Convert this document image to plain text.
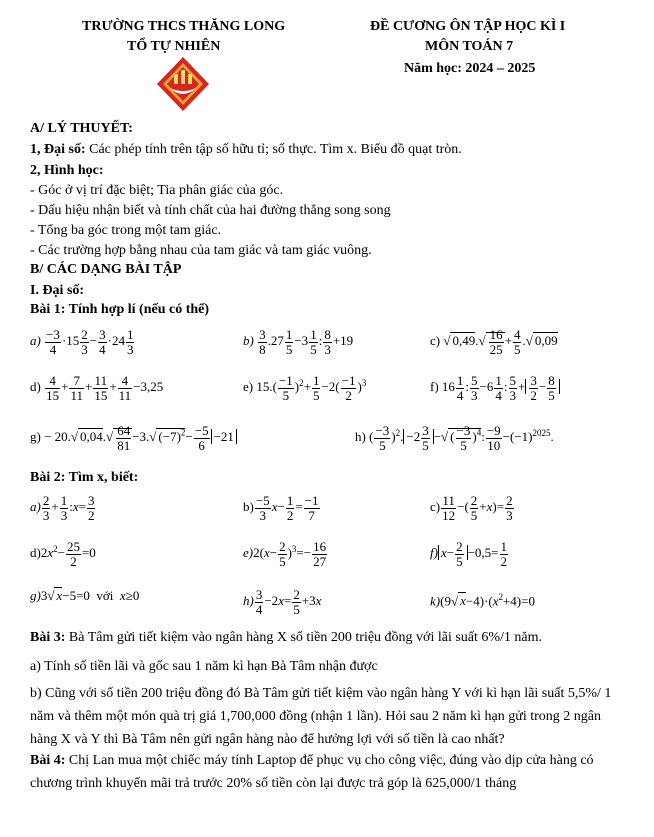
TRƯỜNG THCS THĂNG LONG
TỔ TỰ NHIÊN
ĐỀ CƯƠNG ÔN TẬP HỌC KÌ I
MÔN TOÁN 7
Năm học: 2024 – 2025
A/ LÝ THUYẾT:
1, Đại số: Các phép tính trên tập số hữu tỉ; số thực. Tìm x. Biểu đồ quạt tròn.
2, Hình học:
- Góc ở vị trí đặc biệt; Tia phân giác của góc.
- Dấu hiệu nhận biết và tính chất của hai đường thẳng song song
- Tổng ba góc trong một tam giác.
- Các trường hợp bằng nhau của tam giác và tam giác vuông.
B/ CÁC DẠNG BÀI TẬP
I. Đại số:
Bài 1: Tính hợp lí (nếu có thể)
$a) \frac{-3}{4} \cdot 15 \frac{2}{3} - \frac{3}{4} \cdot 24 \frac{1}{3}$	$b) \frac{3}{8} .27 \frac{1}{5} -3 \frac{1}{5}$ : $\frac{8}{3} +19$	c) √ $0,49.√ \frac{16}{25} + \frac{4}{5}$ .√ 0,09
$d) \frac{4}{15} + \frac{7}{11} + \frac{11}{15} + \frac{4}{11} -3,25$	e) $15.( \frac{-1}{5} )^2+ \frac{1}{5} -2( \frac{-1}{2} )^3$	f) $16 \frac{1}{4}$ : $\frac{5}{3} -6 \frac{1}{4}$ : $\frac{5}{3} + \frac{3}{2} - \frac{8}{5}$
g) − 20.√ $0,04.√ \frac{64}{81} -3.√$ $(-7)^2- \frac{-5}{6} -21$	h) ( $\frac{-3}{5} )^2$. $-2 \frac{3}{5}$ −√ ( $\frac{-3}{5} )^4$: $\frac{-9}{10} -(-1)^{2025}$.
Bài 2: Tìm x, biết:
$a) \frac{2}{3} + \frac{1}{3}$ :x= $\frac{3}{2}$	$b) \frac{-5}{3} x- \frac{1}{2} = \frac{-1}{7}$	$c) \frac{11}{12}$ −( $\frac{2}{5} +x)= \frac{2}{3}$
$d)2x^2- \frac{25}{2} =0$	$e)2(x- \frac{2}{5} )^3=- \frac{16}{27}$	f) $x- \frac{2}{5} -0,5= \frac{1}{2}$
g)3√ x−5=0  với  x≥0	$h) \frac{3}{4} -2x= \frac{2}{5} +3x$	k)(9√ $x-4)\cdot(x^2+4)=0$
Bài 3: Bà Tâm gửi tiết kiệm vào ngân hàng X số tiền 200 triệu đồng với lãi suất 6%/1 năm.
a) Tính số tiền lãi và gốc sau 1 năm kì hạn Bà Tâm nhận được
b) Cũng với số tiền 200 triệu đồng đó Bà Tâm gửi tiết kiệm vào ngân hàng Y với kì hạn lãi suất 5,5%/ 1 năm và thêm một món quà trị giá 1,700,000 đồng (nhận 1 lần). Hỏi sau 2 năm kì hạn gửi trong 2 ngân hàng X và Y thì Bà Tâm nên gửi ngân hàng nào để hưởng lợi với số tiền là cao nhất?
Bài 4: Chị Lan mua một chiếc máy tính Laptop để phục vụ cho công việc, đúng vào dịp cửa hàng có chương trình khuyến mãi trả trước 20% số tiền còn lại được trả góp là 625,000/1 tháng
